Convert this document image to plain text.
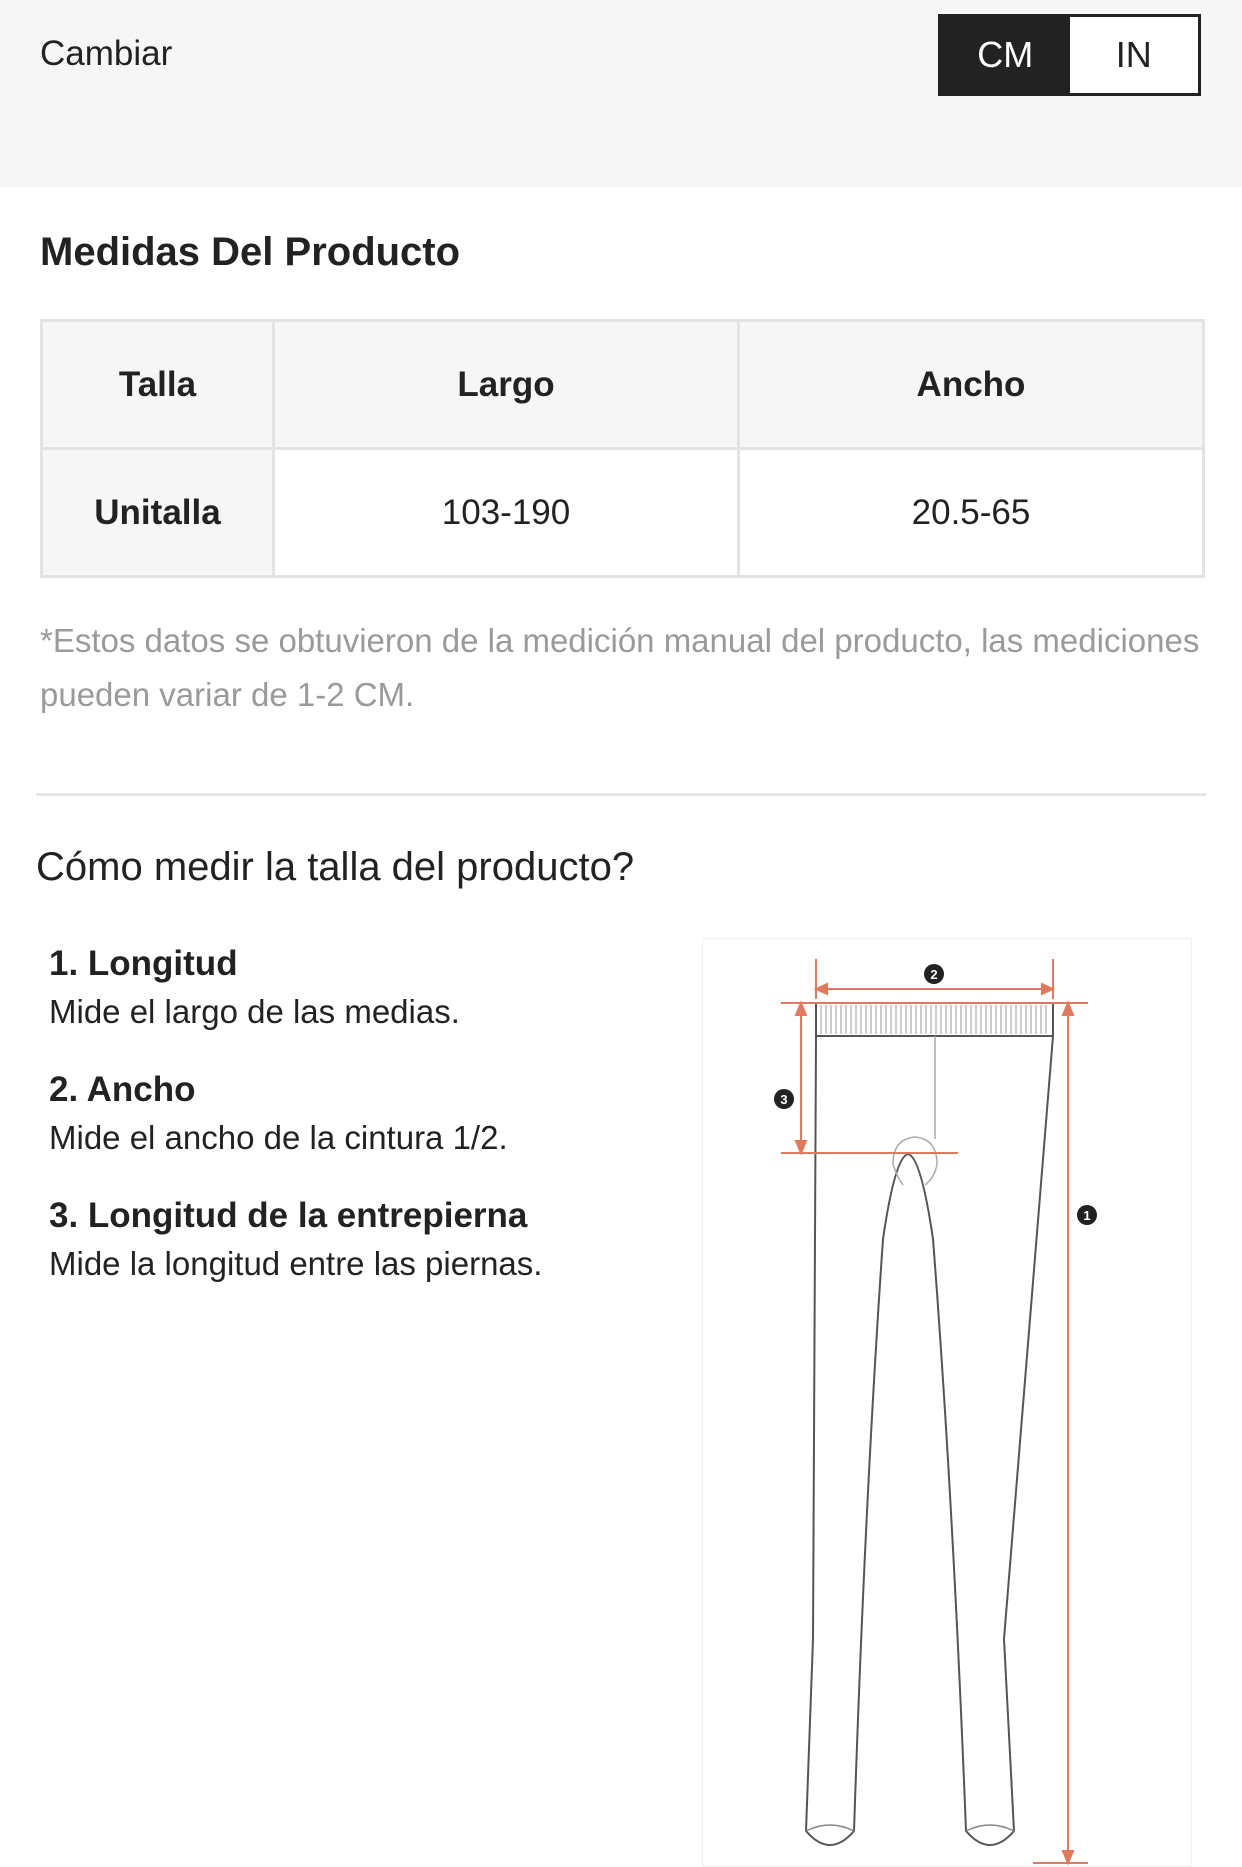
Cambiar	CM	IN
Medidas Del Producto
Talla	Largo	Ancho
Unitalla	103-190	20.5-65
*Estos datos se obtuvieron de la medición manual del producto, las mediciones pueden variar de 1-2 CM.
Cómo medir la talla del producto?
1. Longitud
Mide el largo de las medias.
2. Ancho
Mide el ancho de la cintura 1/2.
3. Longitud de la entrepierna
Mide la longitud entre las piernas.
2
3
1
